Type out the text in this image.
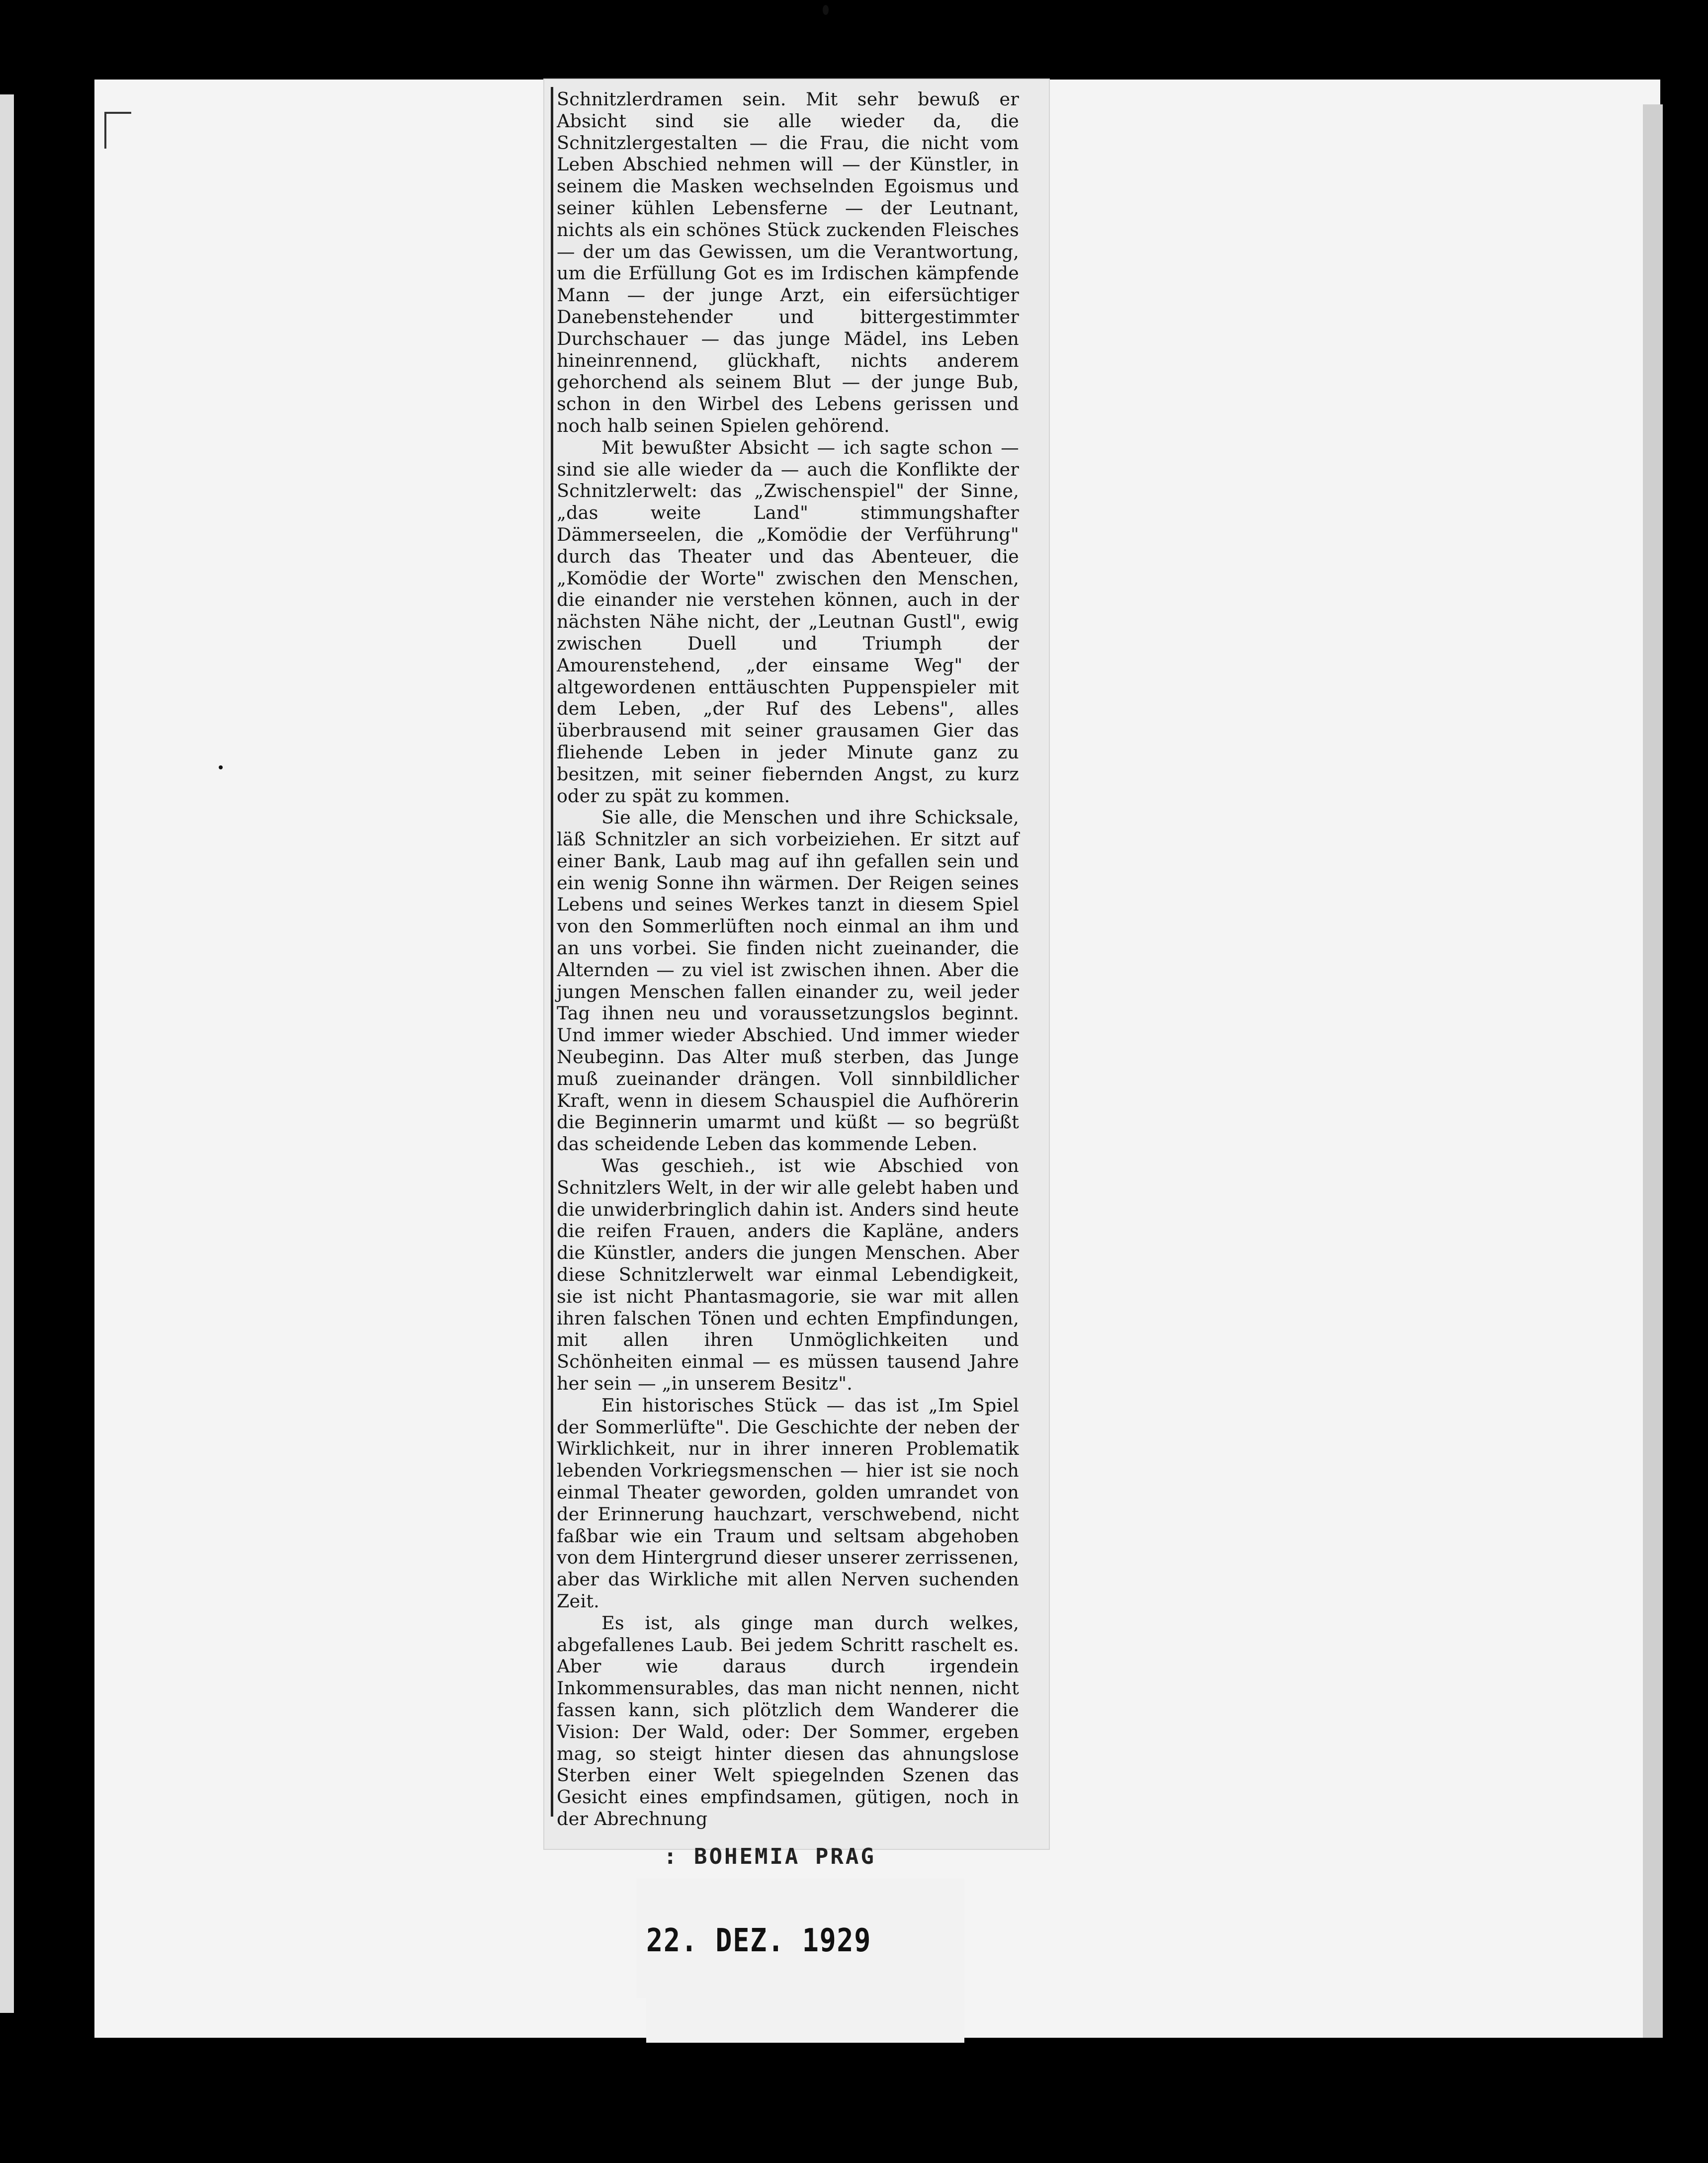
Schnitzlerdramen sein. Mit sehr bewuß er Absicht sind sie alle wieder da, die Schnitzlergestalten — die Frau, die nicht vom Leben Abschied nehmen will — der Künstler, in seinem die Masken wechselnden Egoismus und seiner kühlen Lebensferne — der Leutnant, nichts als ein schönes Stück zuckenden Fleisches — der um das Gewissen, um die Verantwortung, um die Erfüllung Got es im Irdischen kämpfende Mann — der junge Arzt, ein eifersüchtiger Danebenstehender und bittergestimmter Durchschauer — das junge Mädel, ins Leben hineinrennend, glückhaft, nichts anderem gehorchend als seinem Blut — der junge Bub, schon in den Wirbel des Lebens gerissen und noch halb seinen Spielen gehörend.

Mit bewußter Absicht — ich sagte schon — sind sie alle wieder da — auch die Konflikte der Schnitzlerwelt: das „Zwischenspiel" der Sinne, „das weite Land" stimmungshafter Dämmerseelen, die „Komödie der Verführung" durch das Theater und das Abenteuer, die „Komödie der Worte" zwischen den Menschen, die einander nie verstehen können, auch in der nächsten Nähe nicht, der „Leutnan Gustl", ewig zwischen Duell und Triumph der Amourenstehend, „der einsame Weg" der altgewordenen enttäuschten Puppenspieler mit dem Leben, „der Ruf des Lebens", alles überbrausend mit seiner grausamen Gier das fliehende Leben in jeder Minute ganz zu besitzen, mit seiner fiebernden Angst, zu kurz oder zu spät zu kommen.

Sie alle, die Menschen und ihre Schicksale, läß Schnitzler an sich vorbeiziehen. Er sitzt auf einer Bank, Laub mag auf ihn gefallen sein und ein wenig Sonne ihn wärmen. Der Reigen seines Lebens und seines Werkes tanzt in diesem Spiel von den Sommerlüften noch einmal an ihm und an uns vorbei. Sie finden nicht zueinander, die Alternden — zu viel ist zwischen ihnen. Aber die jungen Menschen fallen einander zu, weil jeder Tag ihnen neu und voraussetzungslos beginnt. Und immer wieder Abschied. Und immer wieder Neubeginn. Das Alter muß sterben, das Junge muß zueinander drängen. Voll sinnbildlicher Kraft, wenn in diesem Schauspiel die Aufhörerin die Beginnerin umarmt und küßt — so begrüßt das scheidende Leben das kommende Leben.

Was geschieh., ist wie Abschied von Schnitzlers Welt, in der wir alle gelebt haben und die unwiderbringlich dahin ist. Anders sind heute die reifen Frauen, anders die Kapläne, anders die Künstler, anders die jungen Menschen. Aber diese Schnitzlerwelt war einmal Lebendigkeit, sie ist nicht Phantasmagorie, sie war mit allen ihren falschen Tönen und echten Empfindungen, mit allen ihren Unmöglichkeiten und Schönheiten einmal — es müssen tausend Jahre her sein — „in unserem Besitz".

Ein historisches Stück — das ist „Im Spiel der Sommerlüfte". Die Geschichte der neben der Wirklichkeit, nur in ihrer inneren Problematik lebenden Vorkriegsmenschen — hier ist sie noch einmal Theater geworden, golden umrandet von der Erinnerung hauchzart, verschwebend, nicht faßbar wie ein Traum und seltsam abgehoben von dem Hintergrund dieser unserer zerrissenen, aber das Wirkliche mit allen Nerven suchenden Zeit.

Es ist, als ginge man durch welkes, abgefallenes Laub. Bei jedem Schritt raschelt es. Aber wie daraus durch irgendein Inkommensurables, das man nicht nennen, nicht fassen kann, sich plötzlich dem Wanderer die Vision: Der Wald, oder: Der Sommer, ergeben mag, so steigt hinter diesen das ahnungslose Sterben einer Welt spiegelnden Szenen das Gesicht eines empfindsamen, gütigen, noch in der Abrechnung

: BOHEMIA PRAG
22. DEZ. 1929
